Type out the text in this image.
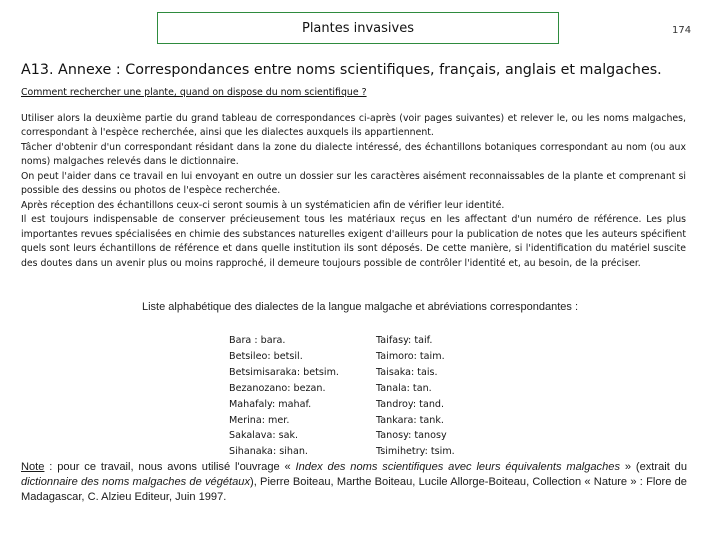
Plantes invasives	174
A13. Annexe : Correspondances entre noms scientifiques, français, anglais et malgaches.
Comment rechercher une plante, quand on dispose du nom scientifique ?

Utiliser alors la deuxième partie du grand tableau de correspondances ci-après (voir pages suivantes) et relever le, ou les noms malgaches, correspondant à l'espèce recherchée, ainsi que les dialectes auxquels ils appartiennent.

Tâcher d'obtenir d'un correspondant résidant dans la zone du dialecte intéressé, des échantillons botaniques correspondant au nom (ou aux noms) malgaches relevés dans le dictionnaire.

On peut l'aider dans ce travail en lui envoyant en outre un dossier sur les caractères aisément reconnaissables de la plante et comprenant si possible des dessins ou photos de l'espèce recherchée.

Après réception des échantillons ceux-ci seront soumis à un systématicien afin de vérifier leur identité.

Il est toujours indispensable de conserver précieusement tous les matériaux reçus en les affectant d'un numéro de référence. Les plus importantes revues spécialisées en chimie des substances naturelles exigent d'ailleurs pour la publication de notes que les auteurs spécifient quels sont leurs échantillons de référence et dans quelle institution ils sont déposés. De cette manière, si l'identification du matériel suscite des doutes dans un avenir plus ou moins rapproché, il demeure toujours possible de contrôler l'identité et, au besoin, de la préciser.

Liste alphabétique des dialectes de la langue malgache et abréviations correspondantes :
Bara : bara.
Betsileo: betsil.
Betsimisaraka: betsim.
Bezanozano: bezan.
Mahafaly: mahaf.
Merina: mer.
Sakalava: sak.
Sihanaka: sihan.
Taifasy: taif.
Taimoro: taim.
Taisaka: tais.
Tanala: tan.
Tandroy: tand.
Tankara: tank.
Tanosy: tanosy
Tsimihetry: tsim.
Note : pour ce travail, nous avons utilisé l'ouvrage « Index des noms scientifiques avec leurs équivalents malgaches » (extrait du dictionnaire des noms malgaches de végétaux), Pierre Boiteau, Marthe Boiteau, Lucile Allorge-Boiteau, Collection « Nature » : Flore de Madagascar, C. Alzieu Editeur, Juin 1997.
